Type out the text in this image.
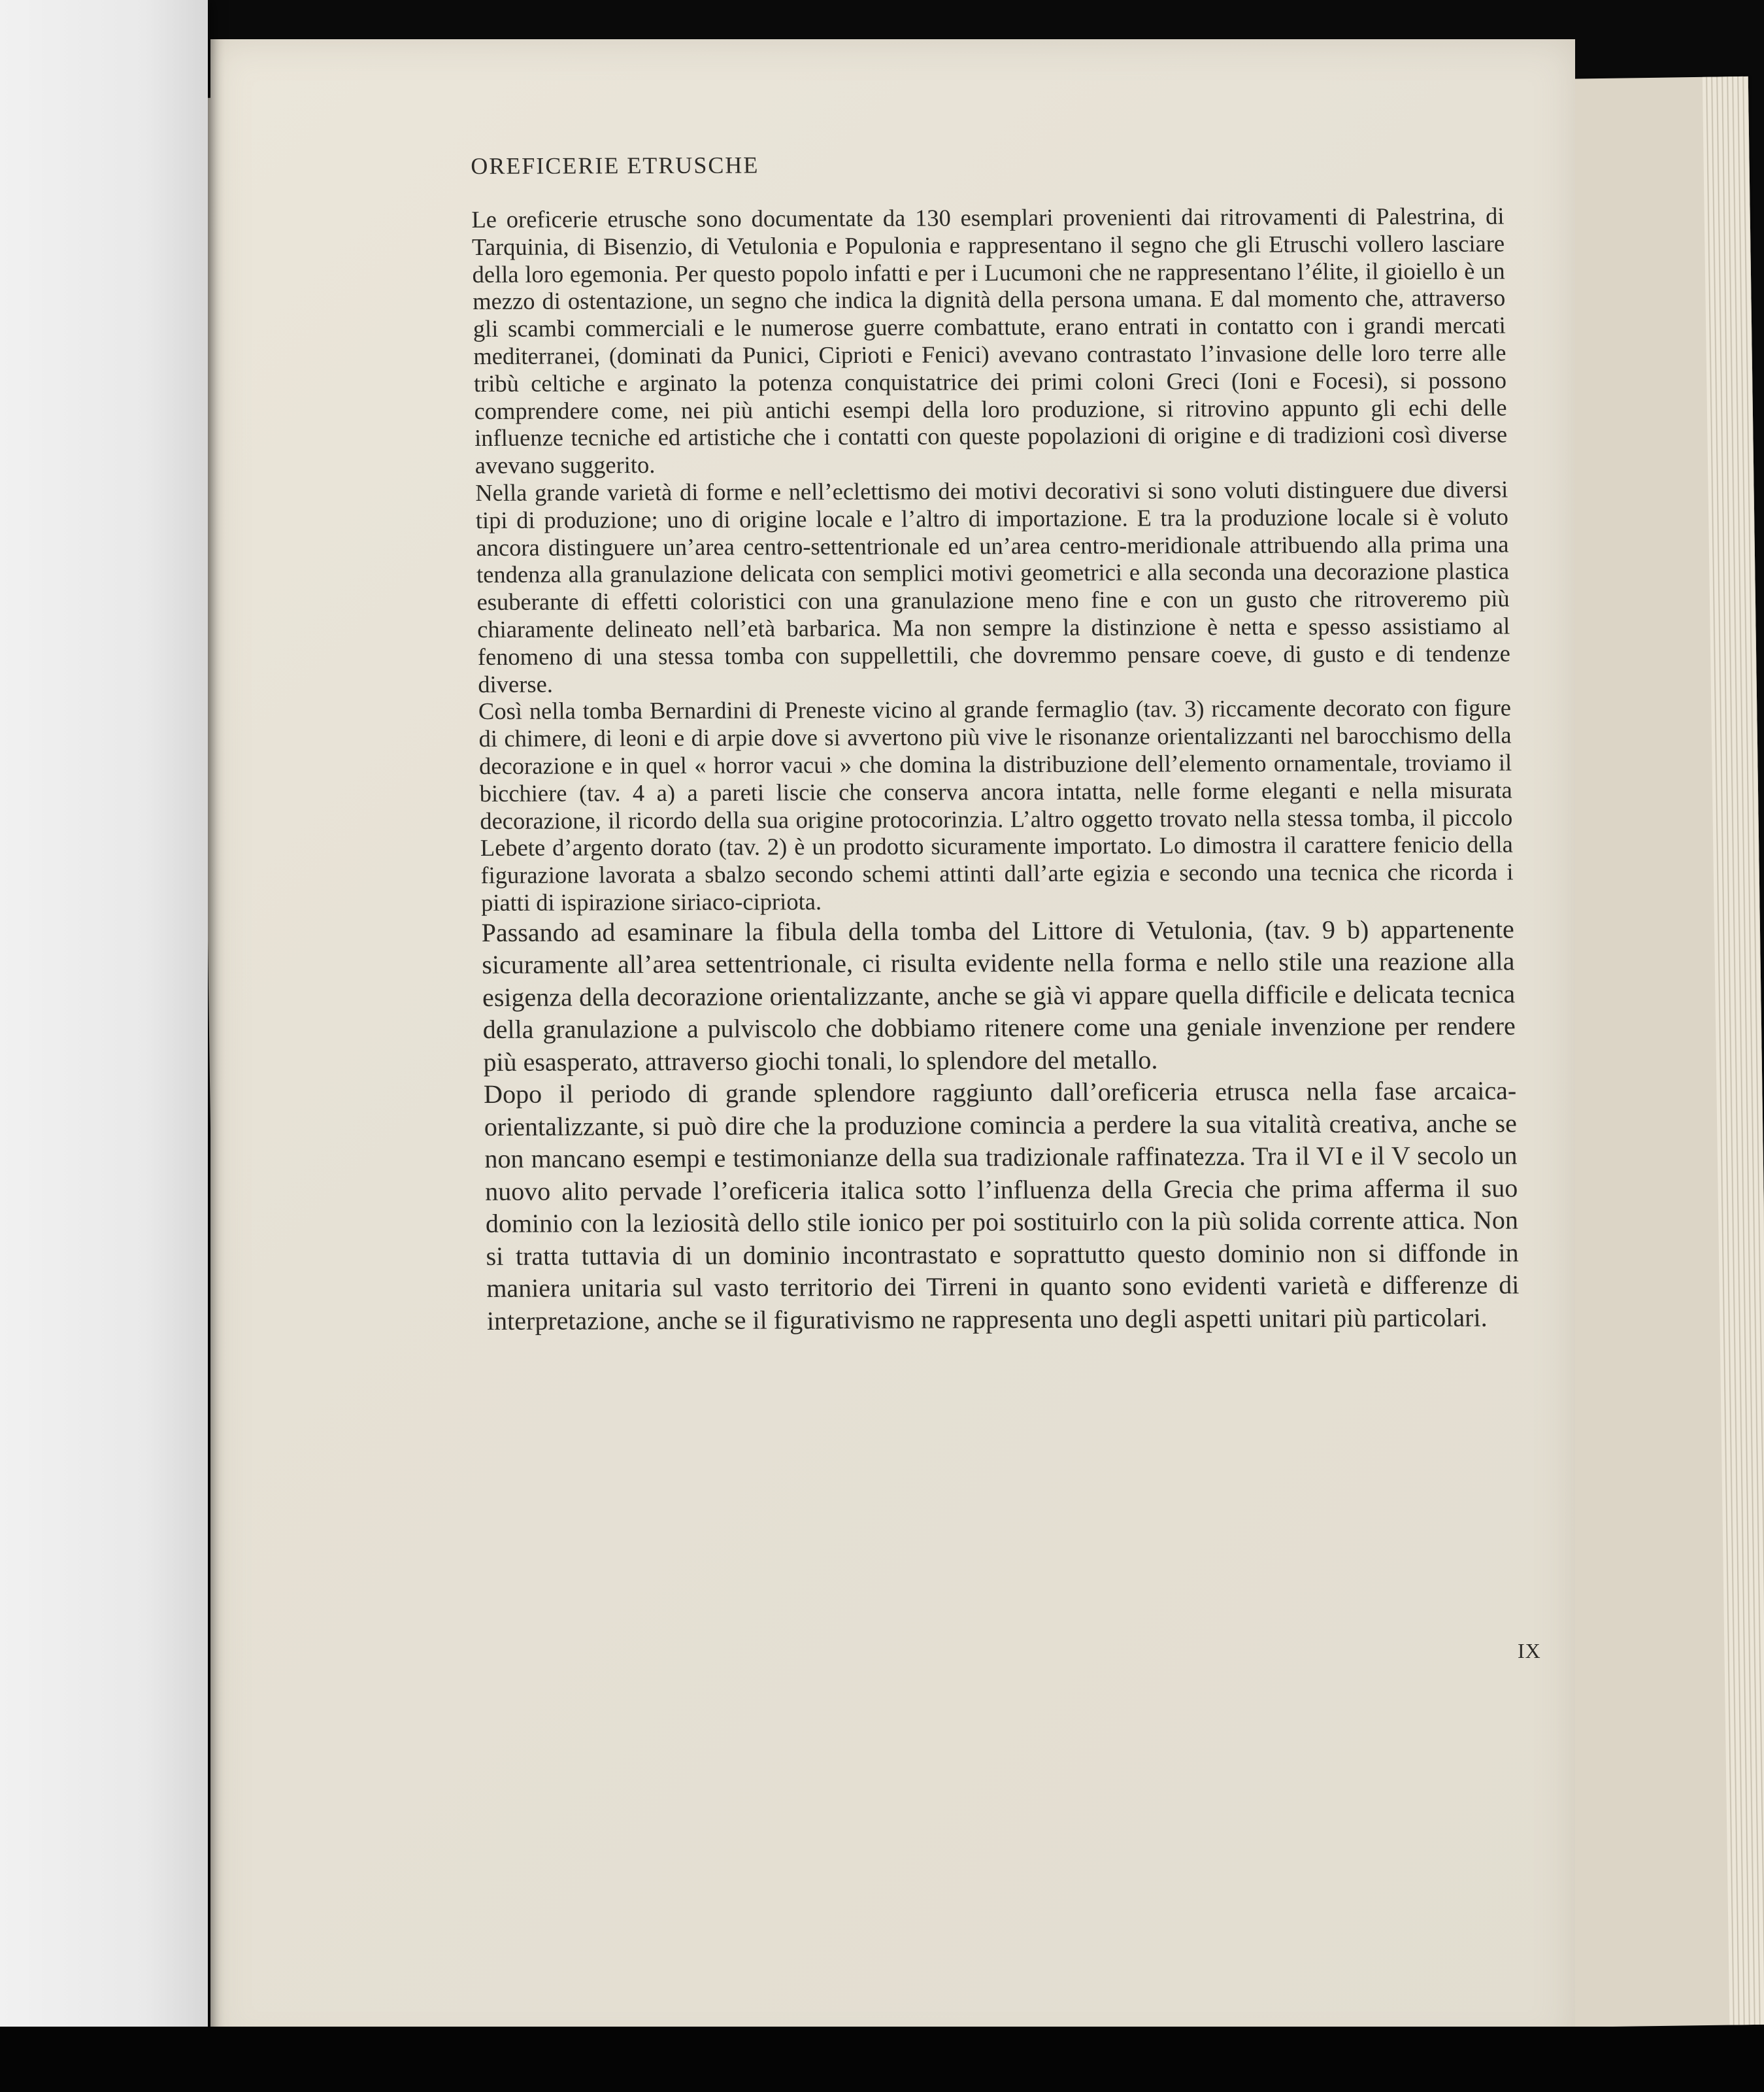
OREFICERIE ETRUSCHE

Le oreficerie etrusche sono documentate da 130 esemplari provenienti dai ritrovamenti di Palestrina, di Tarquinia, di Bisenzio, di Vetulonia e Populonia e rappresentano il segno che gli Etruschi vollero lasciare della loro egemonia. Per questo popolo infatti e per i Lucumoni che ne rappresentano l’élite, il gioiello è un mezzo di ostentazione, un segno che indica la dignità della persona umana. E dal momento che, attraverso gli scambi commerciali e le numerose guerre combattute, erano entrati in contatto con i grandi mercati mediterranei, (dominati da Punici, Ciprioti e Fenici) avevano contrastato l’invasione delle loro terre alle tribù celtiche e arginato la potenza conquistatrice dei primi coloni Greci (Ioni e Focesi), si possono comprendere come, nei più antichi esempi della loro produzione, si ritrovino appunto gli echi delle influenze tecniche ed artistiche che i contatti con queste popolazioni di origine e di tradizioni così diverse avevano suggerito.

Nella grande varietà di forme e nell’eclettismo dei motivi decorativi si sono voluti distinguere due diversi tipi di produzione; uno di origine locale e l’altro di importazione. E tra la produzione locale si è voluto ancora distinguere un’area centro-settentrionale ed un’area centro-meridionale attribuendo alla prima una tendenza alla granulazione delicata con semplici motivi geometrici e alla seconda una decorazione plastica esuberante di effetti coloristici con una granulazione meno fine e con un gusto che ritroveremo più chiaramente delineato nell’età barbarica. Ma non sempre la distinzione è netta e spesso assistiamo al fenomeno di una stessa tomba con suppellettili, che dovremmo pensare coeve, di gusto e di tendenze diverse.

Così nella tomba Bernardini di Preneste vicino al grande fermaglio (tav. 3) riccamente decorato con figure di chimere, di leoni e di arpie dove si avvertono più vive le risonanze orientalizzanti nel barocchismo della decorazione e in quel « horror vacui » che domina la distribuzione dell’elemento ornamentale, troviamo il bicchiere (tav. 4 a) a pareti liscie che conserva ancora intatta, nelle forme eleganti e nella misurata decorazione, il ricordo della sua origine protocorinzia. L’altro oggetto trovato nella stessa tomba, il piccolo Lebete d’argento dorato (tav. 2) è un prodotto sicuramente importato. Lo dimostra il carattere fenicio della figurazione lavorata a sbalzo secondo schemi attinti dall’arte egizia e secondo una tecnica che ricorda i piatti di ispirazione siriaco-cipriota.

Passando ad esaminare la fibula della tomba del Littore di Vetulonia, (tav. 9 b) appartenente sicuramente all’area settentrionale, ci risulta evidente nella forma e nello stile una reazione alla esigenza della decorazione orientalizzante, anche se già vi appare quella difficile e delicata tecnica della granulazione a pulviscolo che dobbiamo ritenere come una geniale invenzione per rendere più esasperato, attraverso giochi tonali, lo splendore del metallo.

Dopo il periodo di grande splendore raggiunto dall’oreficeria etrusca nella fase arcaica-orientalizzante, si può dire che la produzione comincia a perdere la sua vitalità creativa, anche se non mancano esempi e testimonianze della sua tradizionale raffinatezza. Tra il VI e il V secolo un nuovo alito pervade l’oreficeria italica sotto l’influenza della Grecia che prima afferma il suo dominio con la leziosità dello stile ionico per poi sostituirlo con la più solida corrente attica. Non si tratta tuttavia di un dominio incontrastato e soprattutto questo dominio non si diffonde in maniera unitaria sul vasto territorio dei Tirreni in quanto sono evidenti varietà e differenze di interpretazione, anche se il figurativismo ne rappresenta uno degli aspetti unitari più particolari.

IX
